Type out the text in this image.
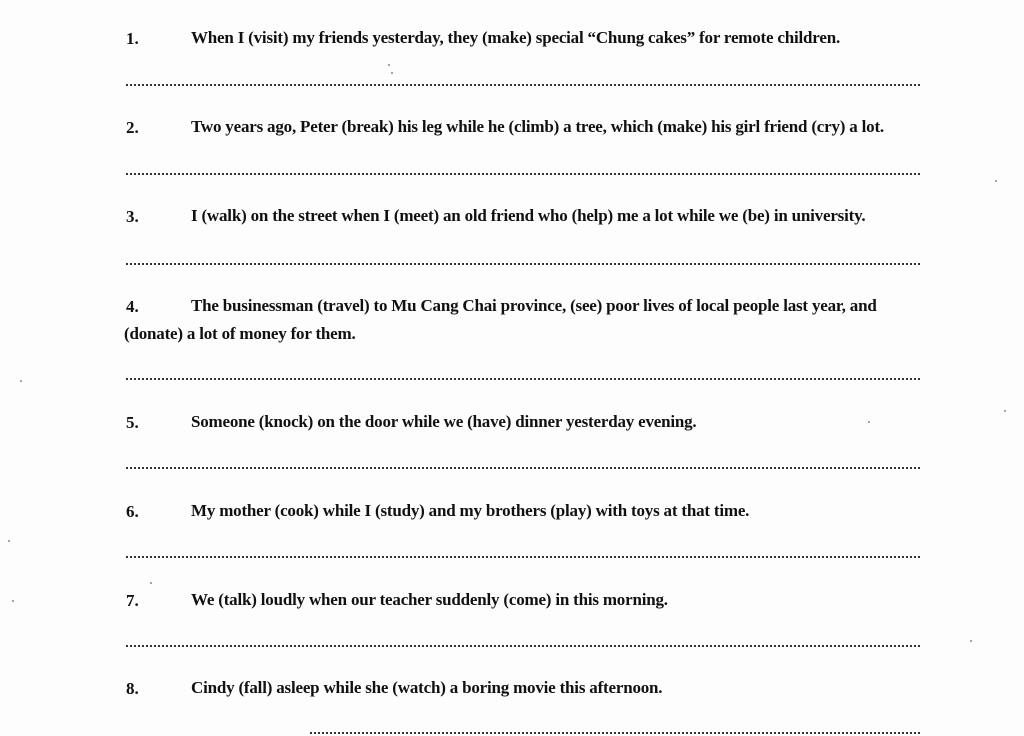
1.	When I (visit) my friends yesterday, they (make) special “Chung cakes” for remote children.
2.	Two years ago, Peter (break) his leg while he (climb) a tree, which (make) his girl friend (cry) a lot.
3.	I (walk) on the street when I (meet) an old friend who (help) me a lot while we (be) in university.
4.	The businessman (travel) to Mu Cang Chai province, (see) poor lives of local people last year, and
(donate) a lot of money for them.
5.	Someone (knock) on the door while we (have) dinner yesterday evening.
6.	My mother (cook) while I (study) and my brothers (play) with toys at that time.
7.	We (talk) loudly when our teacher suddenly (come) in this morning.
8.	Cindy (fall) asleep while she (watch) a boring movie this afternoon.
